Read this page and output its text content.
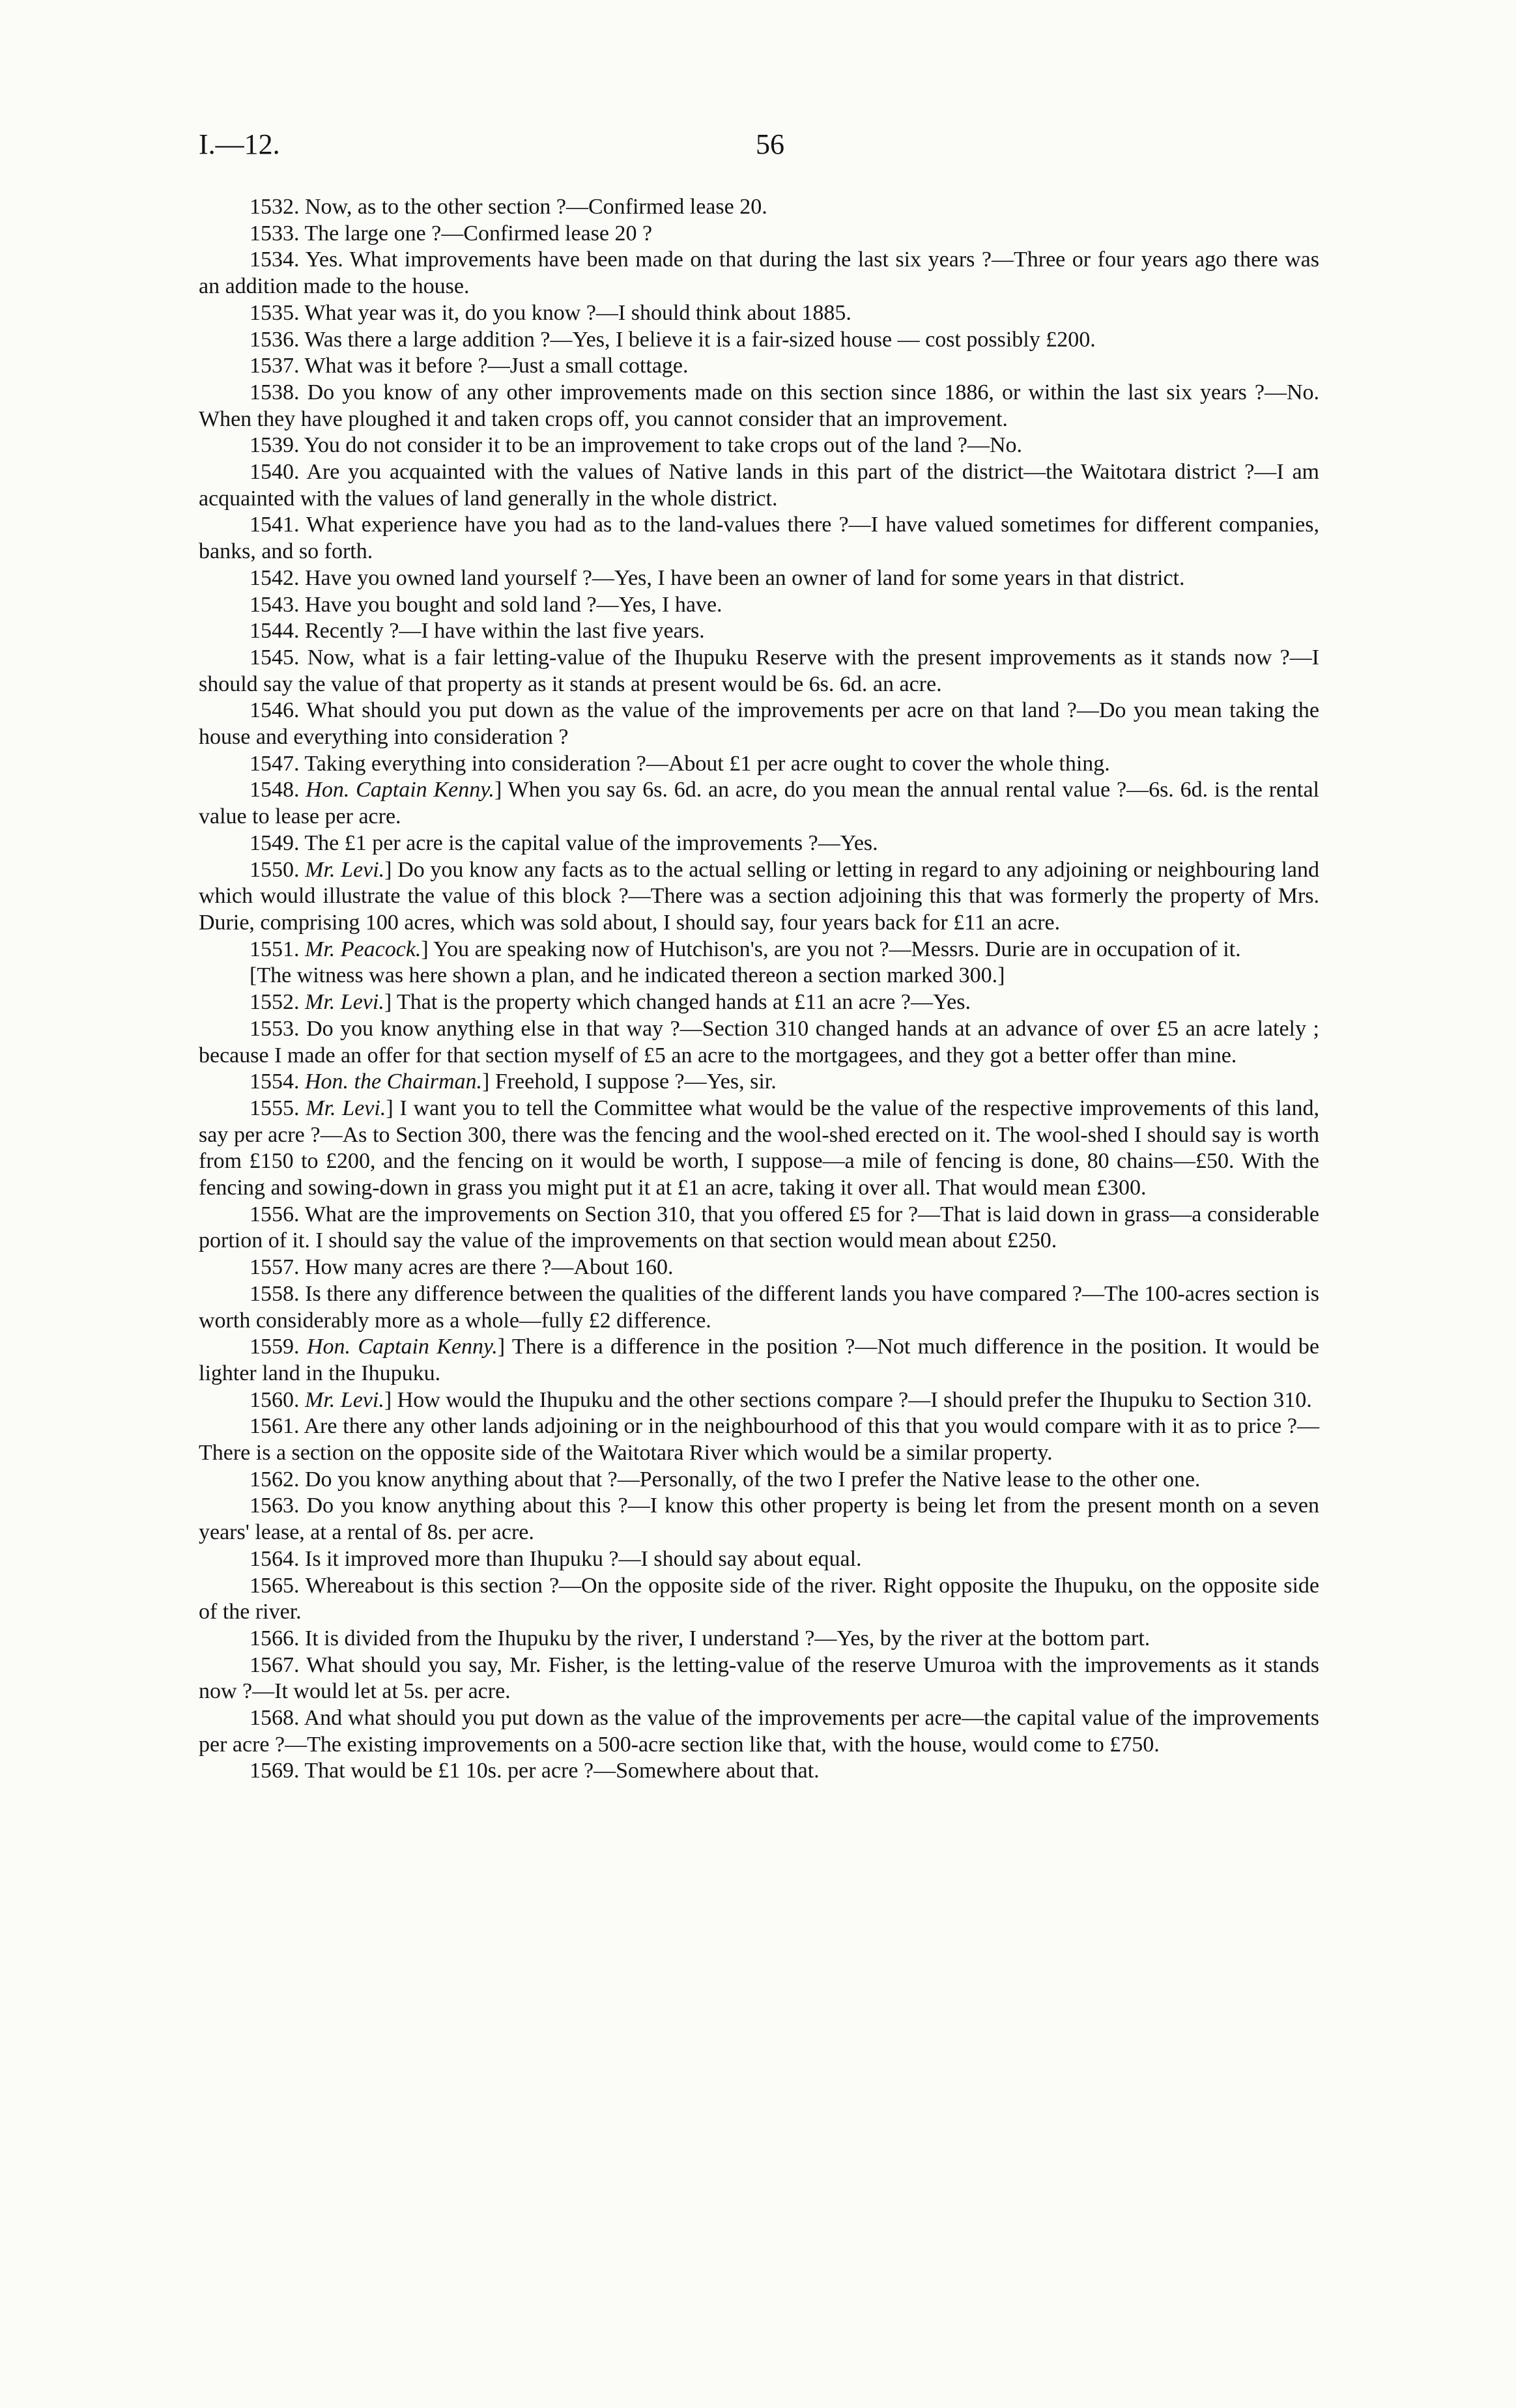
I.—12.	56

1532. Now, as to the other section ?—Confirmed lease 20.

1533. The large one ?—Confirmed lease 20 ?

1534. Yes. What improvements have been made on that during the last six years ?—Three or four years ago there was an addition made to the house.

1535. What year was it, do you know ?—I should think about 1885.

1536. Was there a large addition ?—Yes, I believe it is a fair-sized house — cost possibly £200.

1537. What was it before ?—Just a small cottage.

1538. Do you know of any other improvements made on this section since 1886, or within the last six years ?—No. When they have ploughed it and taken crops off, you cannot consider that an improvement.

1539. You do not consider it to be an improvement to take crops out of the land ?—No.

1540. Are you acquainted with the values of Native lands in this part of the district—the Waitotara district ?—I am acquainted with the values of land generally in the whole district.

1541. What experience have you had as to the land-values there ?—I have valued sometimes for different companies, banks, and so forth.

1542. Have you owned land yourself ?—Yes, I have been an owner of land for some years in that district.

1543. Have you bought and sold land ?—Yes, I have.

1544. Recently ?—I have within the last five years.

1545. Now, what is a fair letting-value of the Ihupuku Reserve with the present improvements as it stands now ?—I should say the value of that property as it stands at present would be 6s. 6d. an acre.

1546. What should you put down as the value of the improvements per acre on that land ?—Do you mean taking the house and everything into consideration ?

1547. Taking everything into consideration ?—About £1 per acre ought to cover the whole thing.

1548. Hon. Captain Kenny.] When you say 6s. 6d. an acre, do you mean the annual rental value ?—6s. 6d. is the rental value to lease per acre.

1549. The £1 per acre is the capital value of the improvements ?—Yes.

1550. Mr. Levi.] Do you know any facts as to the actual selling or letting in regard to any adjoining or neighbouring land which would illustrate the value of this block ?—There was a section adjoining this that was formerly the property of Mrs. Durie, comprising 100 acres, which was sold about, I should say, four years back for £11 an acre.

1551. Mr. Peacock.] You are speaking now of Hutchison's, are you not ?—Messrs. Durie are in occupation of it.

[The witness was here shown a plan, and he indicated thereon a section marked 300.]

1552. Mr. Levi.] That is the property which changed hands at £11 an acre ?—Yes.

1553. Do you know anything else in that way ?—Section 310 changed hands at an advance of over £5 an acre lately ; because I made an offer for that section myself of £5 an acre to the mortgagees, and they got a better offer than mine.

1554. Hon. the Chairman.] Freehold, I suppose ?—Yes, sir.

1555. Mr. Levi.] I want you to tell the Committee what would be the value of the respective improvements of this land, say per acre ?—As to Section 300, there was the fencing and the wool-shed erected on it. The wool-shed I should say is worth from £150 to £200, and the fencing on it would be worth, I suppose—a mile of fencing is done, 80 chains—£50. With the fencing and sowing-down in grass you might put it at £1 an acre, taking it over all. That would mean £300.

1556. What are the improvements on Section 310, that you offered £5 for ?—That is laid down in grass—a considerable portion of it. I should say the value of the improvements on that section would mean about £250.

1557. How many acres are there ?—About 160.

1558. Is there any difference between the qualities of the different lands you have compared ?—The 100-acres section is worth considerably more as a whole—fully £2 difference.

1559. Hon. Captain Kenny.] There is a difference in the position ?—Not much difference in the position. It would be lighter land in the Ihupuku.

1560. Mr. Levi.] How would the Ihupuku and the other sections compare ?—I should prefer the Ihupuku to Section 310.

1561. Are there any other lands adjoining or in the neighbourhood of this that you would compare with it as to price ?—There is a section on the opposite side of the Waitotara River which would be a similar property.

1562. Do you know anything about that ?—Personally, of the two I prefer the Native lease to the other one.

1563. Do you know anything about this ?—I know this other property is being let from the present month on a seven years' lease, at a rental of 8s. per acre.

1564. Is it improved more than Ihupuku ?—I should say about equal.

1565. Whereabout is this section ?—On the opposite side of the river. Right opposite the Ihupuku, on the opposite side of the river.

1566. It is divided from the Ihupuku by the river, I understand ?—Yes, by the river at the bottom part.

1567. What should you say, Mr. Fisher, is the letting-value of the reserve Umuroa with the improvements as it stands now ?—It would let at 5s. per acre.

1568. And what should you put down as the value of the improvements per acre—the capital value of the improvements per acre ?—The existing improvements on a 500-acre section like that, with the house, would come to £750.

1569. That would be £1 10s. per acre ?—Somewhere about that.
